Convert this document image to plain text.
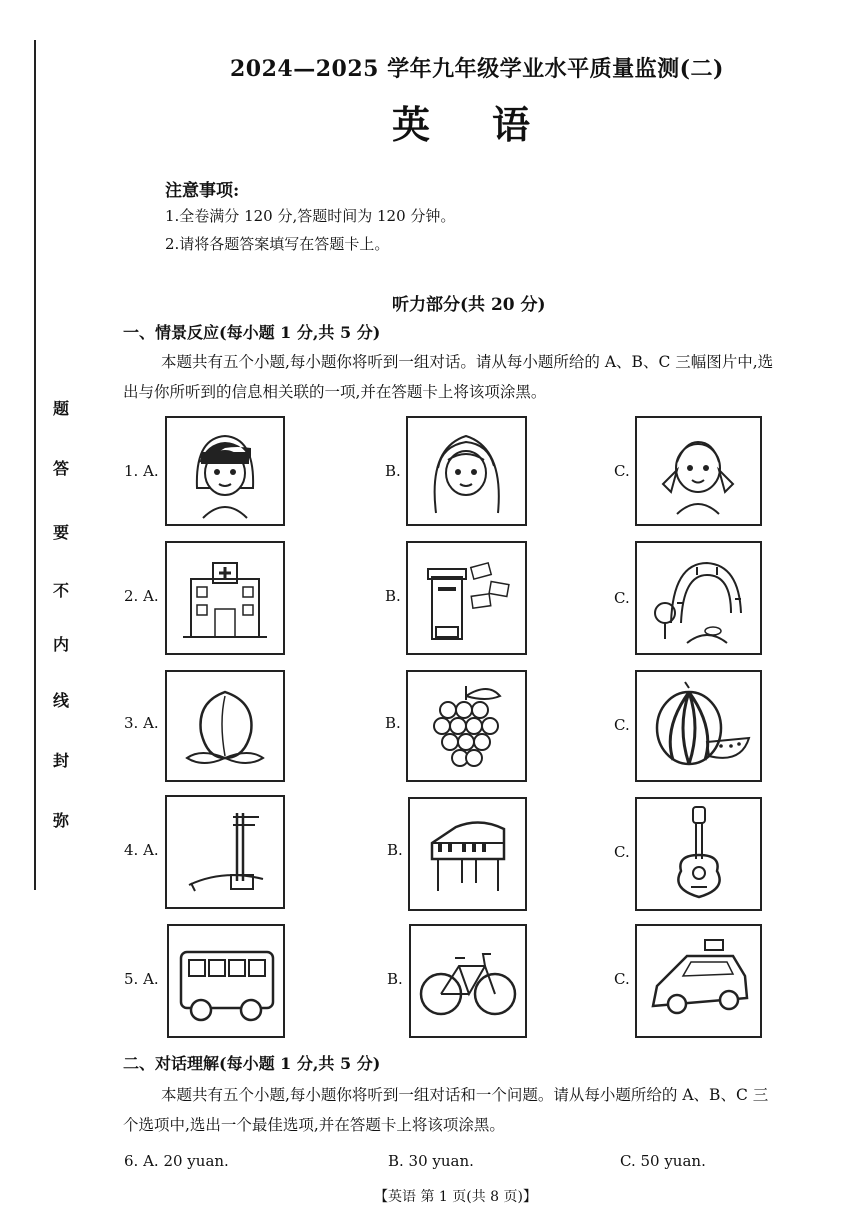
弥
封
线
内
不
要
答
题
2024—2025 学年九年级学业水平质量监测(二)
英语
注意事项:
1.全卷满分 120 分,答题时间为 120 分钟。
2.请将各题答案填写在答题卡上。
听力部分(共 20 分)
一、情景反应(每小题 1 分,共 5 分)
本题共有五个小题,每小题你将听到一组对话。请从每小题所给的 A、B、C 三幅图片中,选
出与你所听到的信息相关联的一项,并在答题卡上将该项涂黑。
1. A.	B.	C.
2. A.	B.	C.
3. A.	B.	C.
4. A.	B.	C.
5. A.	B.	C.
二、对话理解(每小题 1 分,共 5 分)
本题共有五个小题,每小题你将听到一组对话和一个问题。请从每小题所给的 A、B、C 三
个选项中,选出一个最佳选项,并在答题卡上将该项涂黑。
6. A. 20 yuan.	B. 30 yuan.	C. 50 yuan.
【英语 第 1 页(共 8 页)】
